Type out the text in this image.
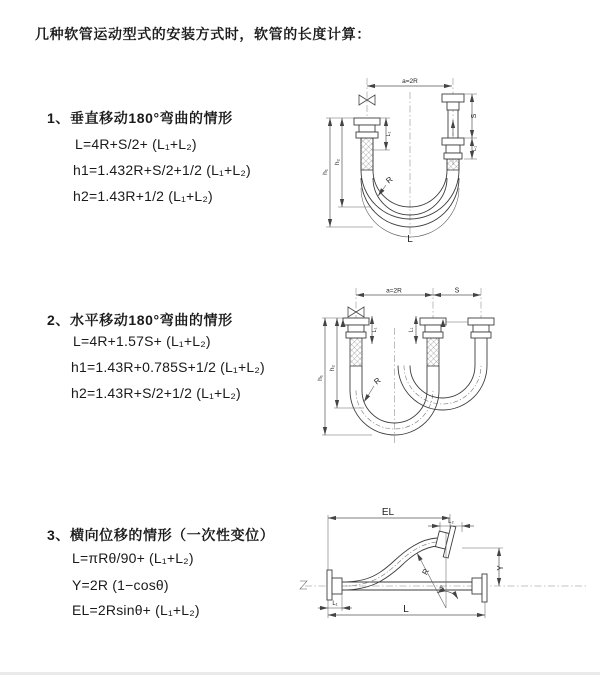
几种软管运动型式的安装方式时，软管的长度计算：
1、垂直移动180°弯曲的情形
L=4R+S/2+ (L₁+L₂)
h1=1.432R+S/2+1/2 (L₁+L₂)
h2=1.43R+1/2 (L₁+L₂)
a=2R
S
L₁
L₁
h₁
h₂
R
L
2、水平移动180°弯曲的情形
L=4R+1.57S+ (L₁+L₂)
h1=1.43R+0.785S+1/2 (L₁+L₂)
h2=1.43R+S/2+1/2 (L₁+L₂)
a=2R	S
L₁	L₁
h₁
h₂
R
3、横向位移的情形（一次性变位）
L=πRθ/90+ (L₁+L₂)
Y=2R (1−cosθ)
EL=2Rsinθ+ (L₁+L₂)
EL
L₂
Y
θ
R
L
L₁
